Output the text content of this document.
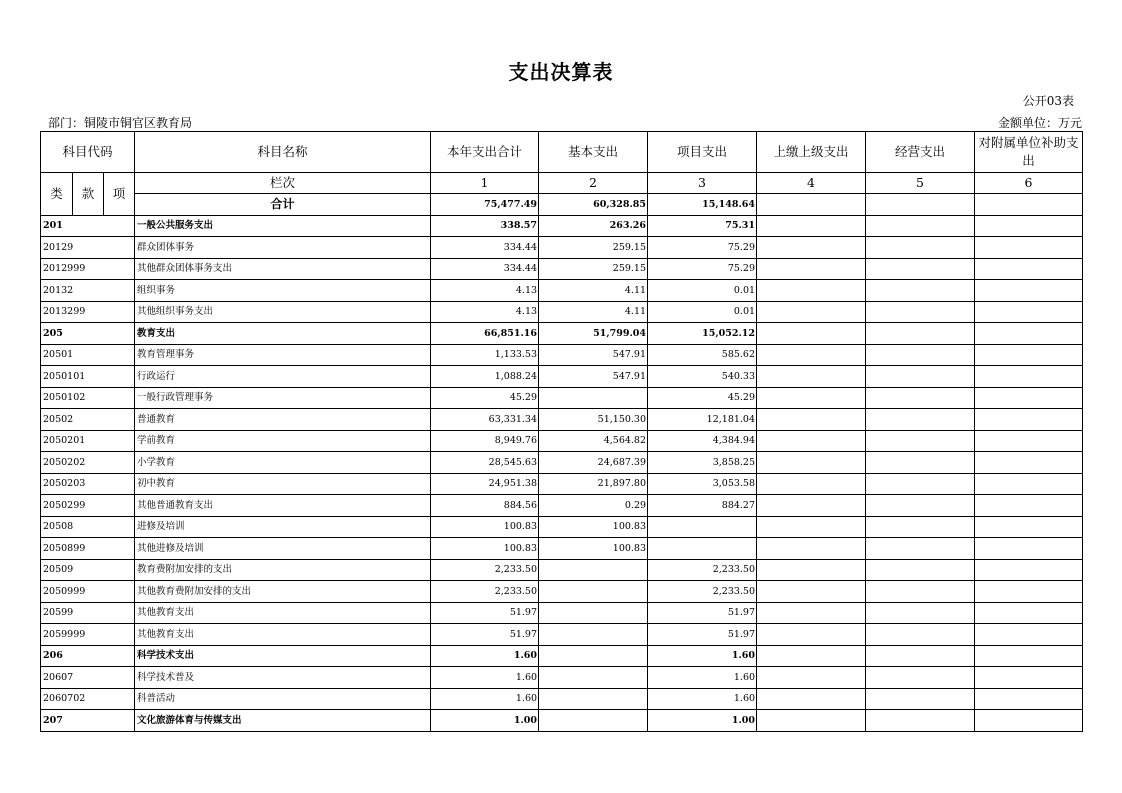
支出决算表
公开03表
部门：铜陵市铜官区教育局	金额单位：万元
科目代码			科目名称	本年支出合计	基本支出	项目支出	上缴上级支出	经营支出	对附属单位补助支出
类	款	项	栏次	1	2	3	4	5	6
			合计	75,477.49	60,328.85	15,148.64			
201			一般公共服务支出	338.57	263.26	75.31			
20129			群众团体事务	334.44	259.15	75.29			
2012999			其他群众团体事务支出	334.44	259.15	75.29			
20132			组织事务	4.13	4.11	0.01			
2013299			其他组织事务支出	4.13	4.11	0.01			
205			教育支出	66,851.16	51,799.04	15,052.12			
20501			教育管理事务	1,133.53	547.91	585.62			
2050101			行政运行	1,088.24	547.91	540.33			
2050102			一般行政管理事务	45.29		45.29			
20502			普通教育	63,331.34	51,150.30	12,181.04			
2050201			学前教育	8,949.76	4,564.82	4,384.94			
2050202			小学教育	28,545.63	24,687.39	3,858.25			
2050203			初中教育	24,951.38	21,897.80	3,053.58			
2050299			其他普通教育支出	884.56	0.29	884.27			
20508			进修及培训	100.83	100.83				
2050899			其他进修及培训	100.83	100.83				
20509			教育费附加安排的支出	2,233.50		2,233.50			
2050999			其他教育费附加安排的支出	2,233.50		2,233.50			
20599			其他教育支出	51.97		51.97			
2059999			其他教育支出	51.97		51.97			
206			科学技术支出	1.60		1.60			
20607			科学技术普及	1.60		1.60			
2060702			科普活动	1.60		1.60			
207			文化旅游体育与传媒支出	1.00		1.00			
